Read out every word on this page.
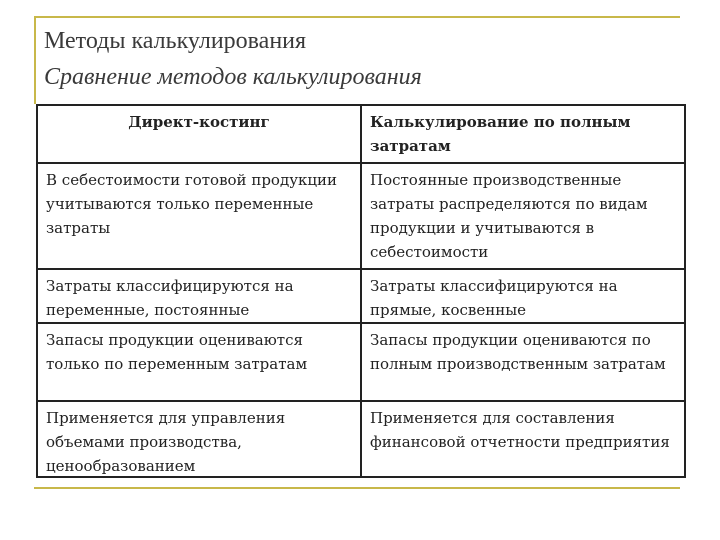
Методы калькулирования
Сравнение методов калькулирования
Директ-костинг	Калькулирование по полным затратам
В себестоимости готовой продукции учитываются только переменные затраты
Постоянные производственные затраты распределяются по видам продукции и учитываются в себестоимости
Затраты классифицируются на переменные, постоянные
Затраты классифицируются на прямые, косвенные
Запасы продукции оцениваются только по переменным затратам
Запасы продукции оцениваются по полным производственным затратам
Применяется для управления объемами производства, ценообразованием
Применяется для составления финансовой отчетности предприятия
